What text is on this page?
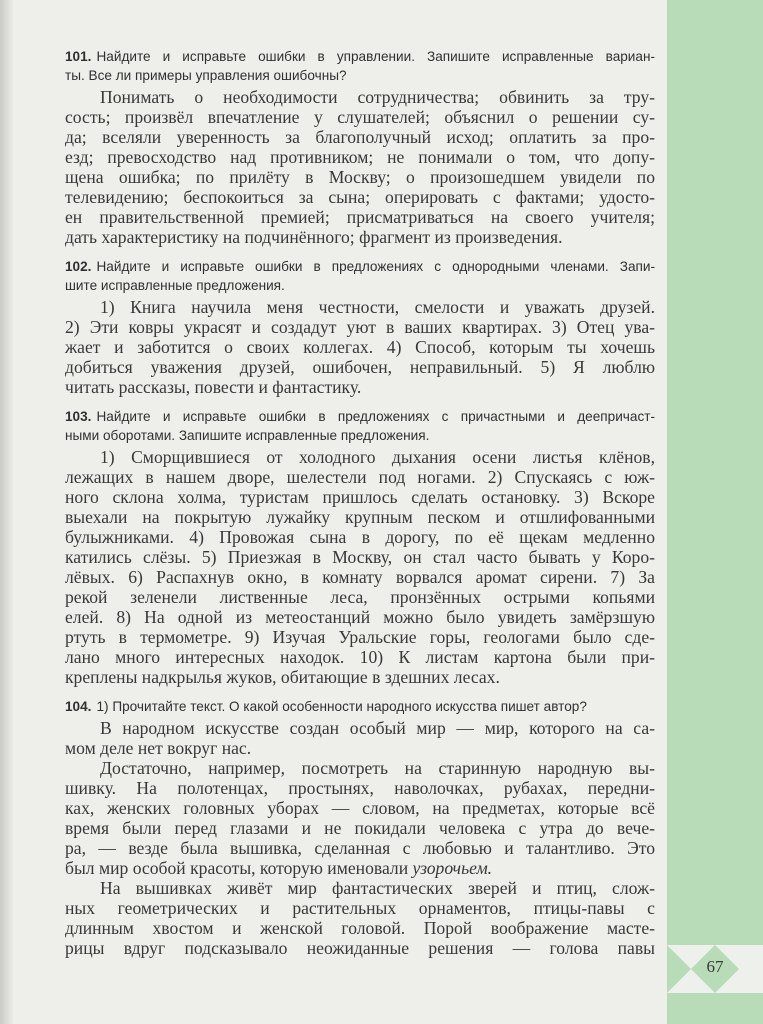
67
101. Найдите и исправьте ошибки в управлении. Запишите исправленные вариан-
ты. Все ли примеры управления ошибочны?
Понимать о необходимости сотрудничества; обвинить за тру-
сость; произвёл впечатление у слушателей; объяснил о решении су-
да; вселяли уверенность за благополучный исход; оплатить за про-
езд; превосходство над противником; не понимали о том, что допу-
щена ошибка; по прилёту в Москву; о произошедшем увидели по
телевидению; беспокоиться за сына; оперировать с фактами; удосто-
ен правительственной премией; присматриваться на своего учителя;
дать характеристику на подчинённого; фрагмент из произведения.
102. Найдите и исправьте ошибки в предложениях с однородными членами. Запи-
шите исправленные предложения.
1) Книга научила меня честности, смелости и уважать друзей.
2) Эти ковры украсят и создадут уют в ваших квартирах. 3) Отец ува-
жает и заботится о своих коллегах. 4) Способ, которым ты хочешь
добиться уважения друзей, ошибочен, неправильный. 5) Я люблю
читать рассказы, повести и фантастику.
103. Найдите и исправьте ошибки в предложениях с причастными и деепричаст-
ными оборотами. Запишите исправленные предложения.
1) Сморщившиеся от холодного дыхания осени листья клёнов,
лежащих в нашем дворе, шелестели под ногами. 2) Спускаясь с юж-
ного склона холма, туристам пришлось сделать остановку. 3) Вскоре
выехали на покрытую лужайку крупным песком и отшлифованными
булыжниками. 4) Провожая сына в дорогу, по её щекам медленно
катились слёзы. 5) Приезжая в Москву, он стал часто бывать у Коро-
лёвых. 6) Распахнув окно, в комнату ворвался аромат сирени. 7) За
рекой зеленели лиственные леса, пронзённых острыми копьями
елей. 8) На одной из метеостанций можно было увидеть замёрзшую
ртуть в термометре. 9) Изучая Уральские горы, геологами было сде-
лано много интересных находок. 10) К листам картона были при-
креплены надкрылья жуков, обитающие в здешних лесах.
104. 1) Прочитайте текст. О какой особенности народного искусства пишет автор?
В народном искусстве создан особый мир — мир, которого на са-
мом деле нет вокруг нас.
Достаточно, например, посмотреть на старинную народную вы-
шивку. На полотенцах, простынях, наволочках, рубахах, передни-
ках, женских головных уборах — словом, на предметах, которые всё
время были перед глазами и не покидали человека с утра до вече-
ра, — везде была вышивка, сделанная с любовью и талантливо. Это
был мир особой красоты, которую именовали узорочьем.
На вышивках живёт мир фантастических зверей и птиц, слож-
ных геометрических и растительных орнаментов, птицы-павы с
длинным хвостом и женской головой. Порой воображение масте-
рицы вдруг подсказывало неожиданные решения — голова павы
